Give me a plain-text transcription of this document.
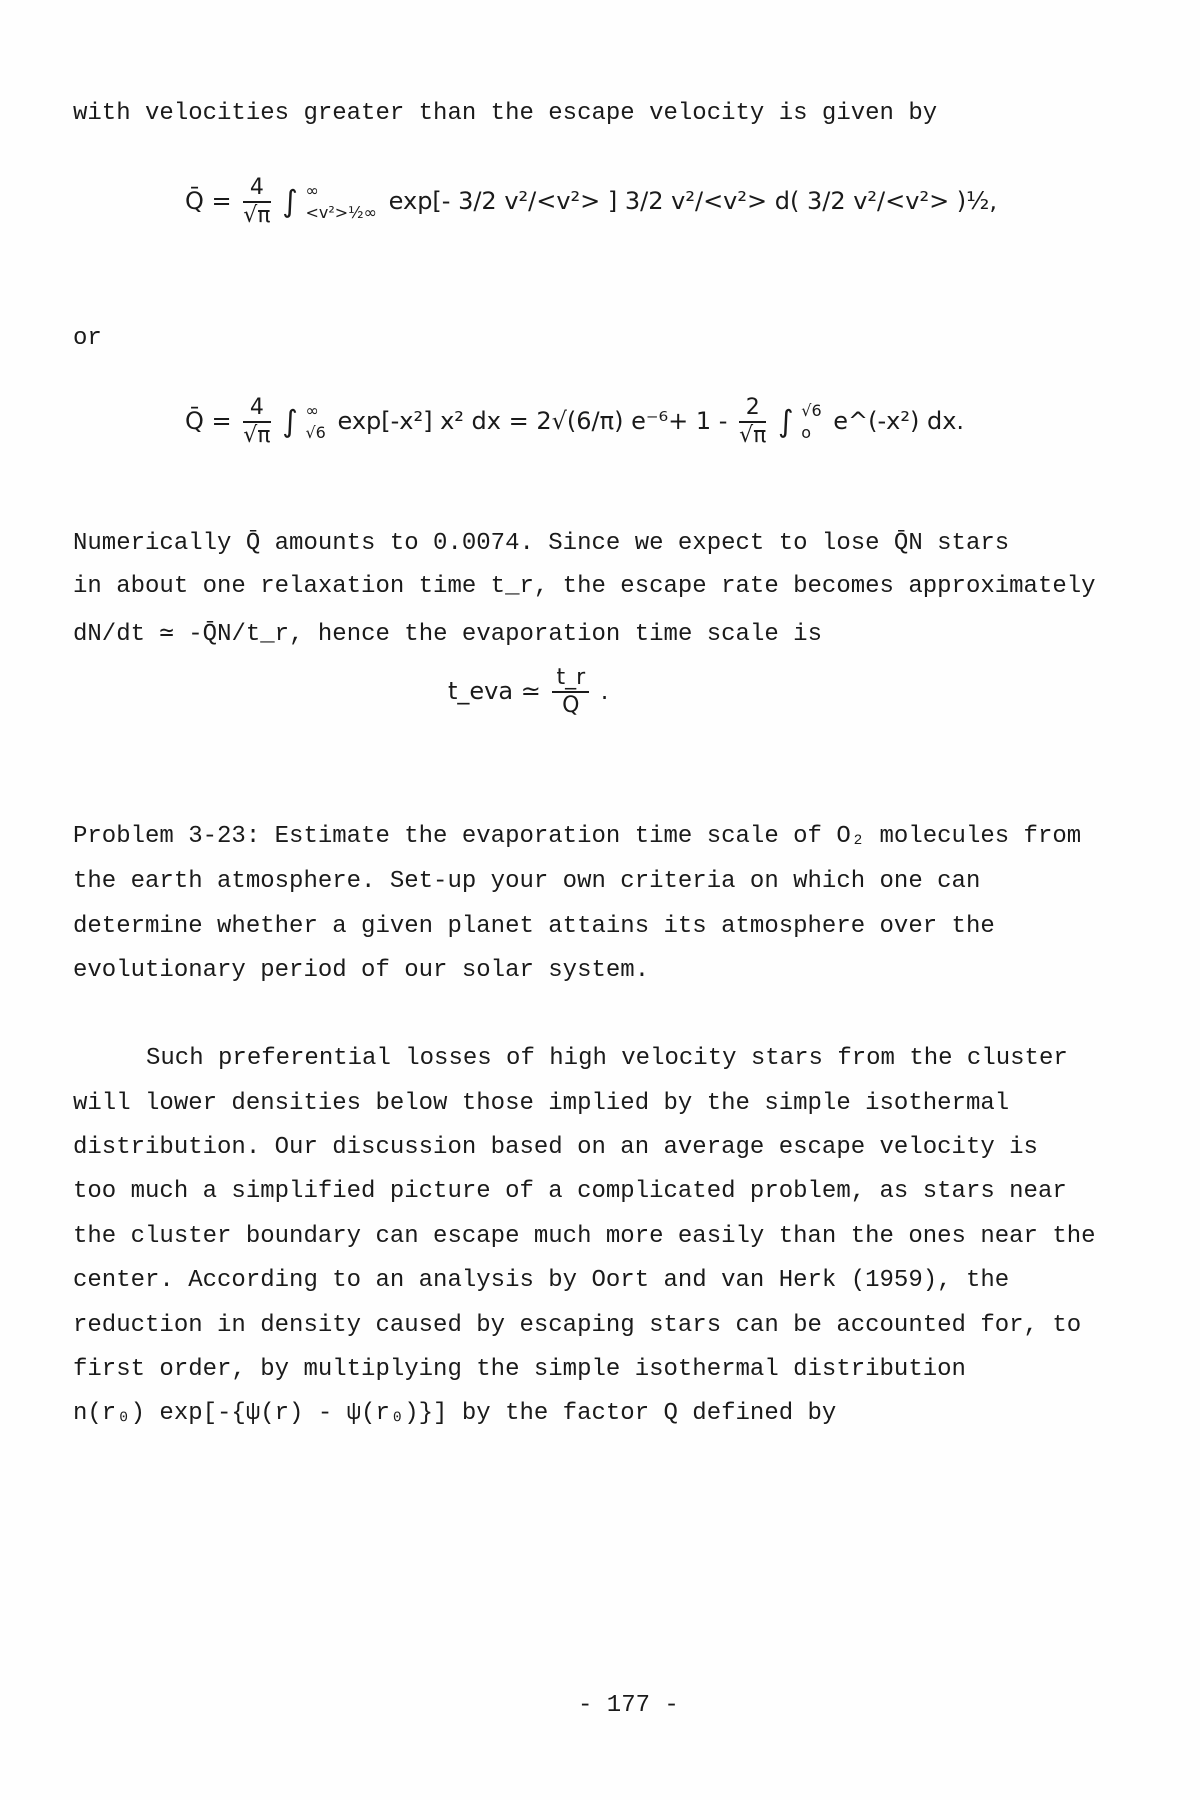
with velocities greater than the escape velocity is given by
Q̄ = $\frac{4}{√\pi}$ ∫ ∞
<v²>½∞ exp[- 3/2 v²/<v²> ] 3/2 v²/<v²> d( 3/2 v²/<v²> )½,
or
Q̄ = $\frac{4}{√\pi}$ ∫ ∞
√6 exp[-x²] x² dx = 2√(6/π) $e^{-6}+ 1 - \frac{2}{√\pi}$ ∫ √6
o e^(-x²) dx.
Numerically Q̄ amounts to 0.0074. Since we expect to lose Q̄N stars
in about one relaxation time t_r, the escape rate becomes approximately
dN/dt ≃ -Q̄N/t_r, hence the evaporation time scale is
t_eva ≃ $\frac{t\_r}{Q̄}$ .
Problem 3-23: Estimate the evaporation time scale of O₂ molecules from
the earth atmosphere. Set-up your own criteria on which one can
determine whether a given planet attains its atmosphere over the
evolutionary period of our solar system.
Such preferential losses of high velocity stars from the cluster
will lower densities below those implied by the simple isothermal
distribution. Our discussion based on an average escape velocity is
too much a simplified picture of a complicated problem, as stars near
the cluster boundary can escape much more easily than the ones near the
center. According to an analysis by Oort and van Herk (1959), the
reduction in density caused by escaping stars can be accounted for, to
first order, by multiplying the simple isothermal distribution
n(r₀) exp[-{ψ(r) - ψ(r₀)}] by the factor Q defined by
- 177 -
